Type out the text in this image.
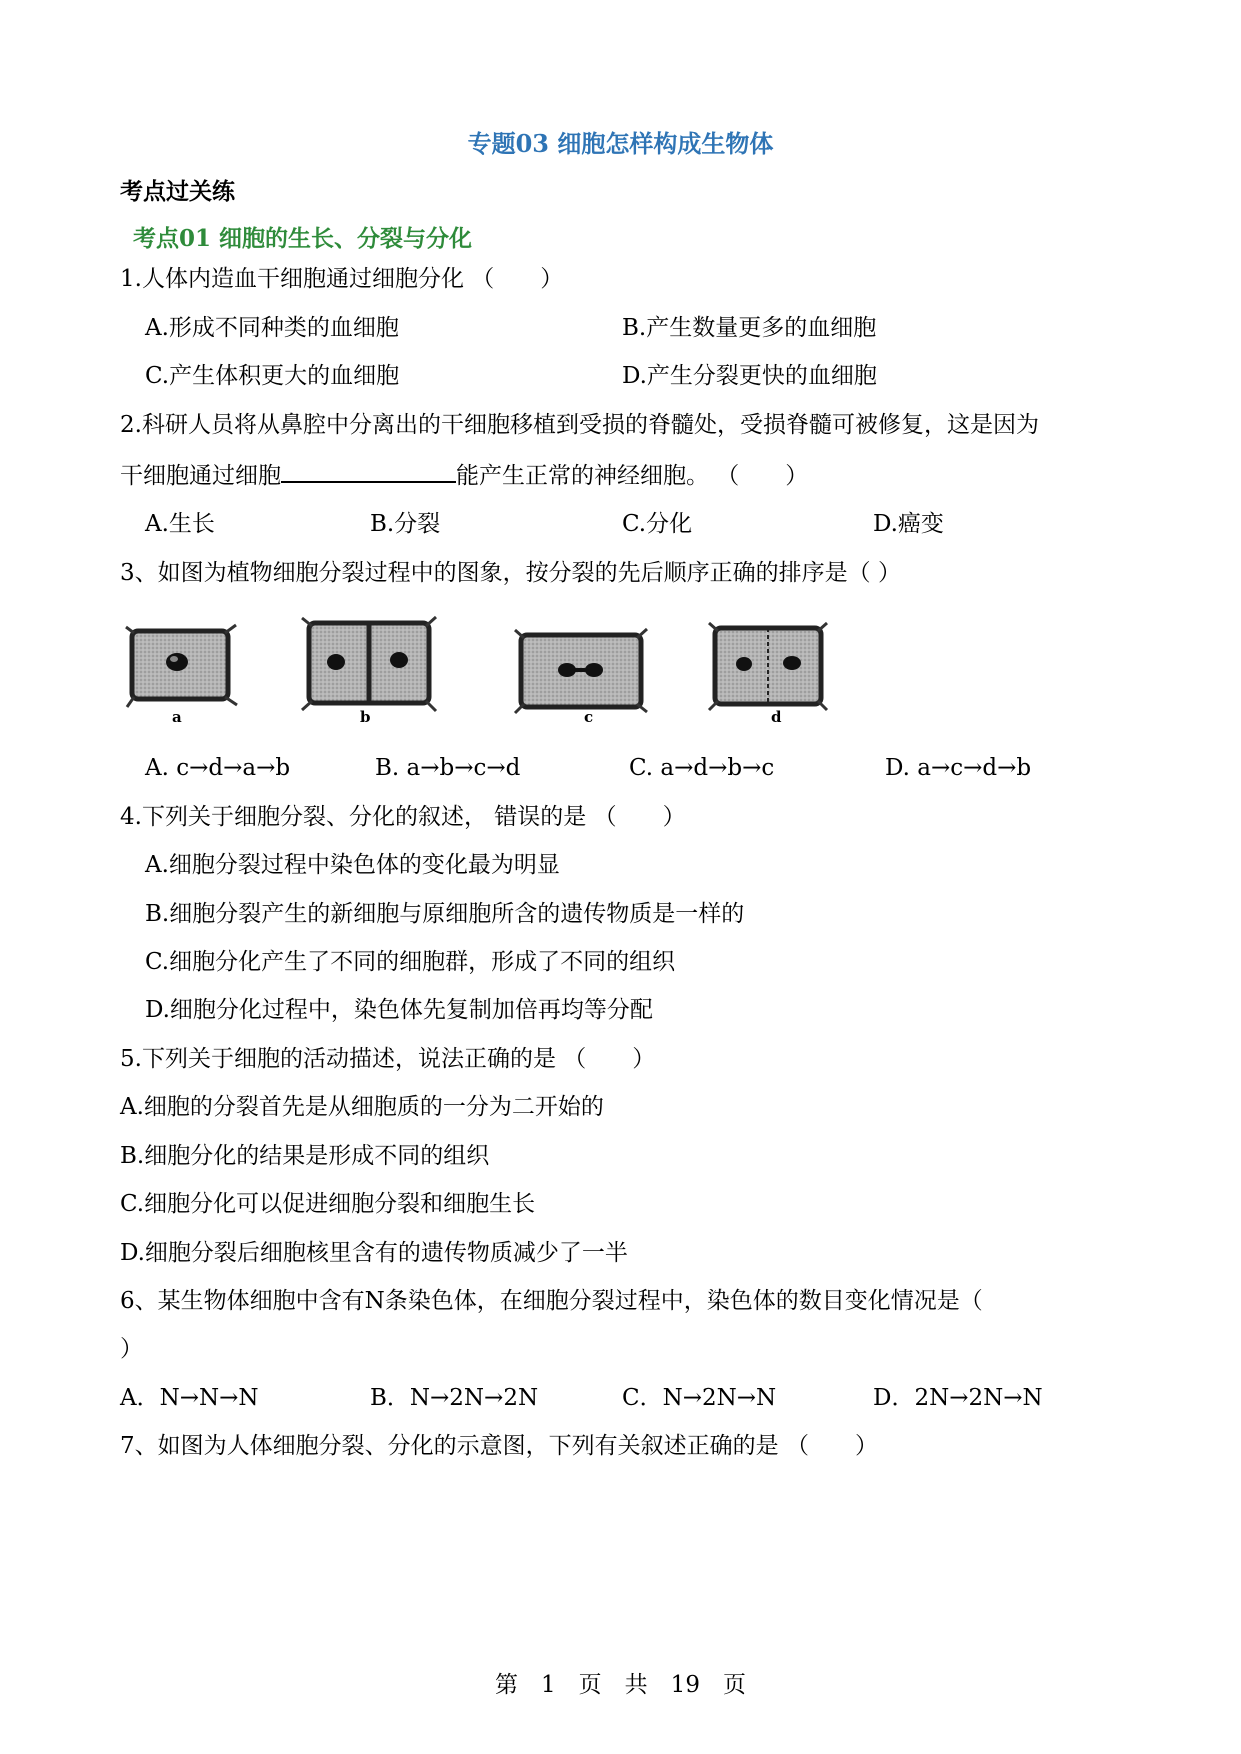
专题03 细胞怎样构成生物体
考点过关练
考点01 细胞的生长、分裂与分化
1.人体内造血干细胞通过细胞分化 （　　）
A.形成不同种类的血细胞	B.产生数量更多的血细胞
C.产生体积更大的血细胞	D.产生分裂更快的血细胞
2.科研人员将从鼻腔中分离出的干细胞移植到受损的脊髓处，受损脊髓可被修复，这是因为
干细胞通过细胞	能产生正常的神经细胞。 （　　）
A.生长	B.分裂	C.分化	D.癌变
3、如图为植物细胞分裂过程中的图象，按分裂的先后顺序正确的排序是（ ）
a	b	c	d
A. c→d→a→b	B. a→b→c→d	C. a→d→b→c	D. a→c→d→b
4.下列关于细胞分裂、分化的叙述， 错误的是 （　　）
A.细胞分裂过程中染色体的变化最为明显
B.细胞分裂产生的新细胞与原细胞所含的遗传物质是一样的
C.细胞分化产生了不同的细胞群，形成了不同的组织
D.细胞分化过程中，染色体先复制加倍再均等分配
5.下列关于细胞的活动描述，说法正确的是 （　　）
A.细胞的分裂首先是从细胞质的一分为二开始的
B.细胞分化的结果是形成不同的组织
C.细胞分化可以促进细胞分裂和细胞生长
D.细胞分裂后细胞核里含有的遗传物质减少了一半
6、某生物体细胞中含有N条染色体，在细胞分裂过程中，染色体的数目变化情况是（
）
A．N→N→N	B．N→2N→2N	C．N→2N→N	D．2N→2N→N
7、如图为人体细胞分裂、分化的示意图，下列有关叙述正确的是 （　　）
第　1　页　共　19　页
